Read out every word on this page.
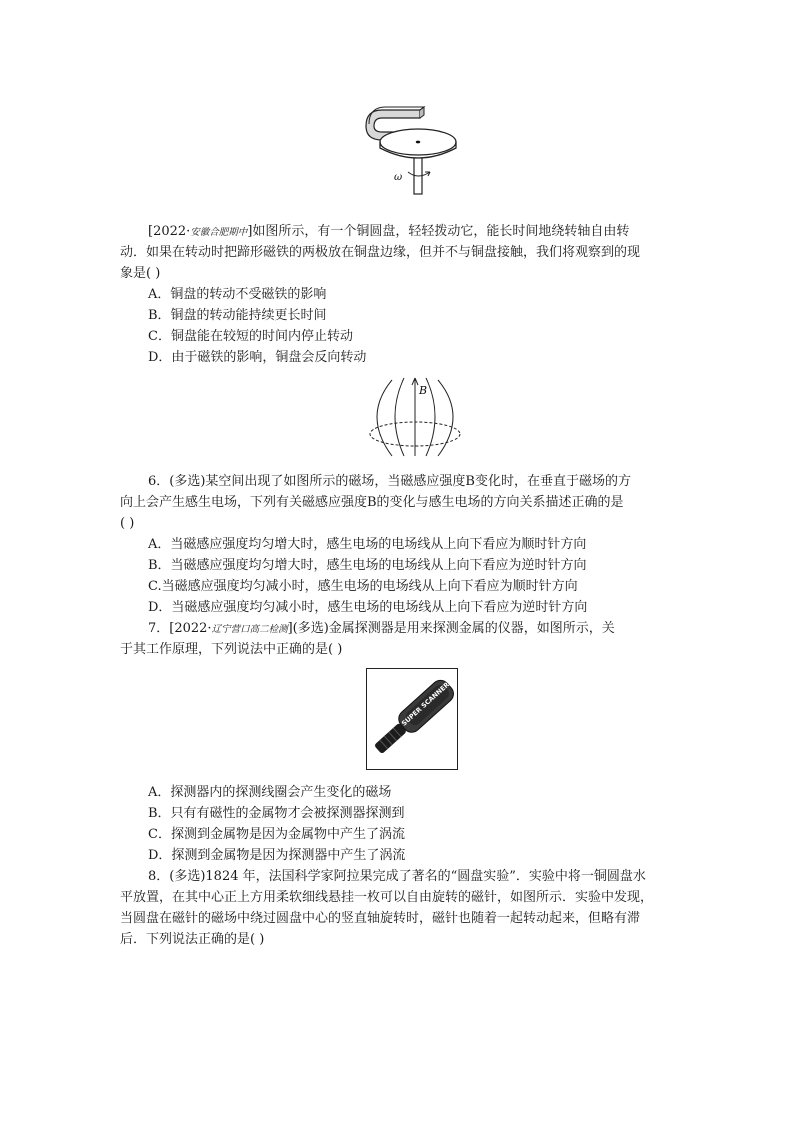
ω
[2022·安徽合肥期中]如图所示，有一个铜圆盘，轻轻拨动它，能长时间地绕转轴自由转
动．如果在转动时把蹄形磁铁的两极放在铜盘边缘，但并不与铜盘接触，我们将观察到的现
象是( )
A．铜盘的转动不受磁铁的影响
B．铜盘的转动能持续更长时间
C．铜盘能在较短的时间内停止转动
D．由于磁铁的影响，铜盘会反向转动
B
6．(多选)某空间出现了如图所示的磁场，当磁感应强度B变化时，在垂直于磁场的方
向上会产生感生电场，下列有关磁感应强度B的变化与感生电场的方向关系描述正确的是
( )
A．当磁感应强度均匀增大时，感生电场的电场线从上向下看应为顺时针方向
B．当磁感应强度均匀增大时，感生电场的电场线从上向下看应为逆时针方向
C.当磁感应强度均匀减小时，感生电场的电场线从上向下看应为顺时针方向
D．当磁感应强度均匀减小时，感生电场的电场线从上向下看应为逆时针方向
7．[2022·辽宁营口高二检测](多选)金属探测器是用来探测金属的仪器，如图所示，关
于其工作原理，下列说法中正确的是( )
SUPER SCANNER
A．探测器内的探测线圈会产生变化的磁场
B．只有有磁性的金属物才会被探测器探测到
C．探测到金属物是因为金属物中产生了涡流
D．探测到金属物是因为探测器中产生了涡流
8．(多选)1824 年，法国科学家阿拉果完成了著名的“圆盘实验”．实验中将一铜圆盘水
平放置，在其中心正上方用柔软细线悬挂一枚可以自由旋转的磁针，如图所示．实验中发现，
当圆盘在磁针的磁场中绕过圆盘中心的竖直轴旋转时，磁针也随着一起转动起来，但略有滞
后．下列说法正确的是( )
